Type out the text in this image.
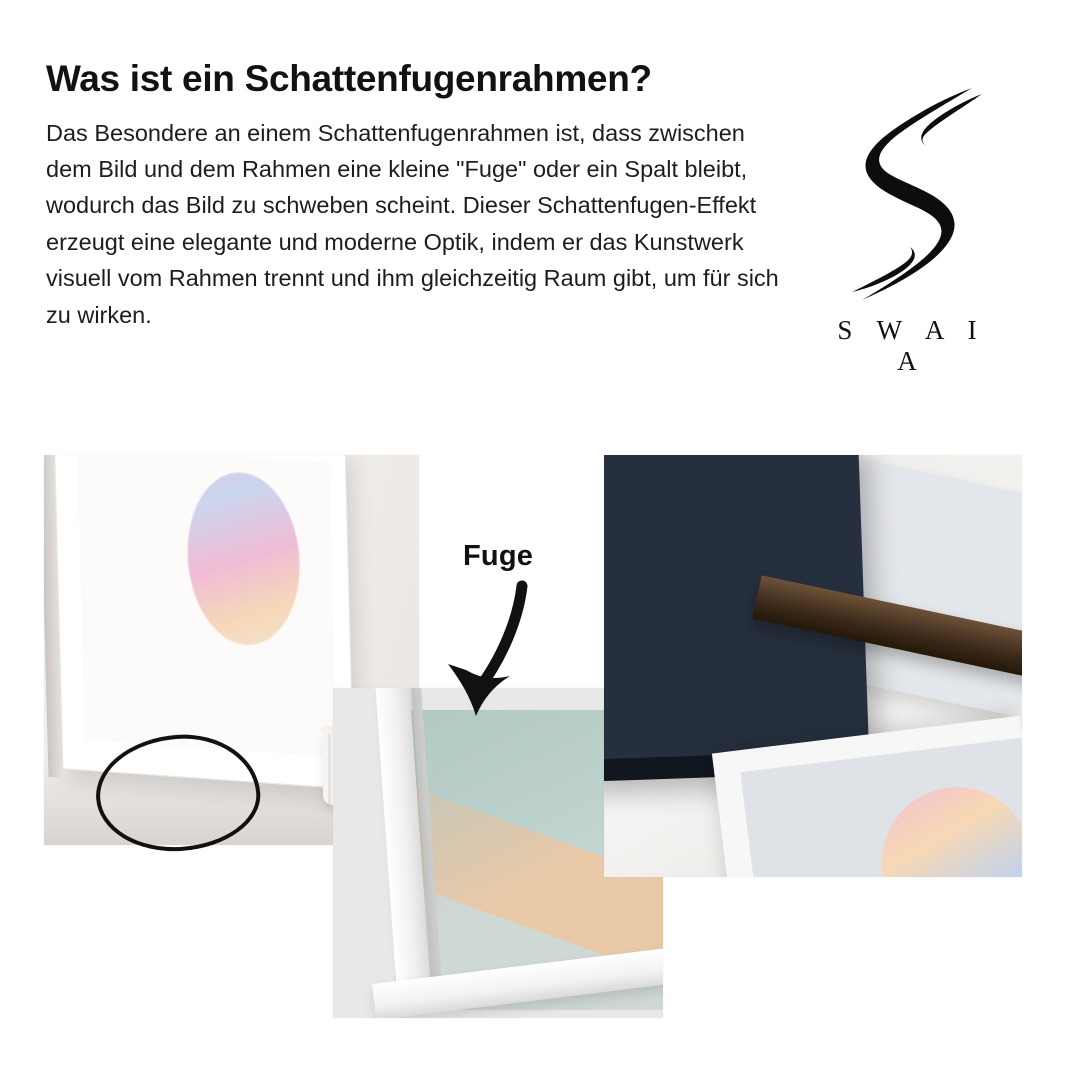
Was ist ein Schattenfugenrahmen?

Das Besondere an einem Schattenfugenrahmen ist, dass zwischen dem Bild und dem Rahmen eine kleine "Fuge" oder ein Spalt bleibt, wodurch das Bild zu schweben scheint. Dieser Schattenfugen-Effekt erzeugt eine elegante und moderne Optik, indem er das Kunstwerk visuell vom Rahmen trennt und ihm gleichzeitig Raum gibt, um für sich zu wirken.

S W A I A
Fuge
